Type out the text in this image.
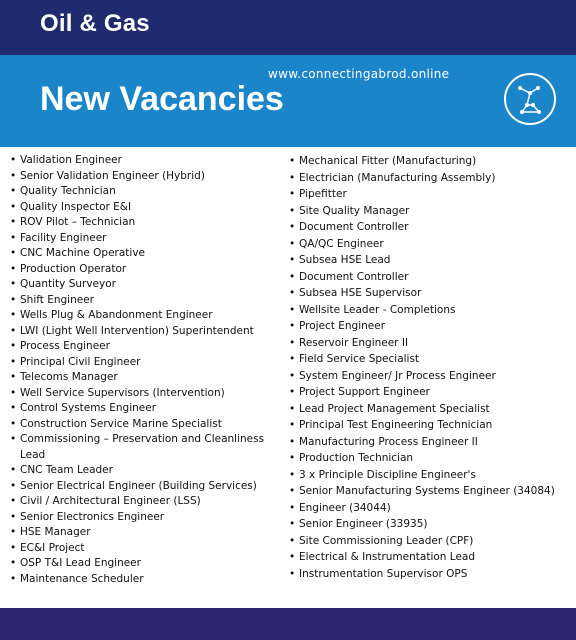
Oil & Gas
www.connectingabrod.online
New Vacancies
• Validation Engineer
• Senior Validation Engineer (Hybrid)
• Quality Technician
• Quality Inspector E&I
• ROV Pilot – Technician
• Facility Engineer
• CNC Machine Operative
• Production Operator
• Quantity Surveyor
• Shift Engineer
• Wells Plug & Abandonment Engineer
• LWI (Light Well Intervention) Superintendent
• Process Engineer
• Principal Civil Engineer
• Telecoms Manager
• Well Service Supervisors (Intervention)
• Control Systems Engineer
• Construction Service Marine Specialist
• Commissioning – Preservation and Cleanliness Lead
• CNC Team Leader
• Senior Electrical Engineer (Building Services)
• Civil / Architectural Engineer (LSS)
• Senior Electronics Engineer
• HSE Manager
• EC&I Project
• OSP T&I Lead Engineer
• Maintenance Scheduler
• Mechanical Fitter (Manufacturing)
• Electrician (Manufacturing Assembly)
• Pipefitter
• Site Quality Manager
• Document Controller
• QA/QC Engineer
• Subsea HSE Lead
• Document Controller
• Subsea HSE Supervisor
• Wellsite Leader - Completions
• Project Engineer
• Reservoir Engineer II
• Field Service Specialist
• System Engineer/ Jr Process Engineer
• Project Support Engineer
• Lead Project Management Specialist
• Principal Test Engineering Technician
• Manufacturing Process Engineer II
• Production Technician
• 3 x Principle Discipline Engineer's
• Senior Manufacturing Systems Engineer (34084)
• Engineer (34044)
• Senior Engineer (33935)
• Site Commissioning Leader (CPF)
• Electrical & Instrumentation Lead
• Instrumentation Supervisor OPS
